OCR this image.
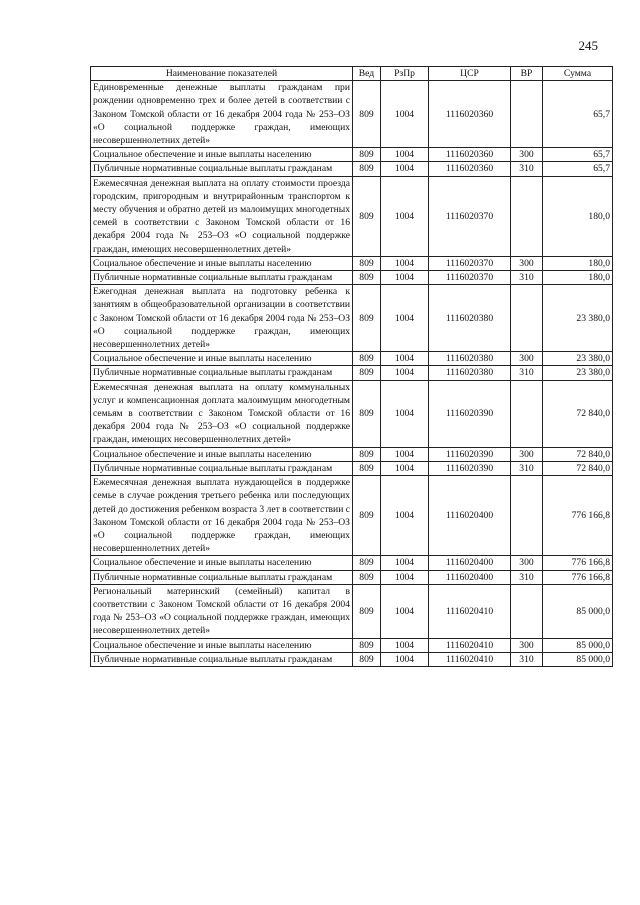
245
Наименование показателей	Вед	РзПр	ЦСР	ВР	Сумма
Единовременные денежные выплаты гражданам при рождении одновременно трех и более детей в соответствии с Законом Томской области от 16 декабря 2004 года № 253–ОЗ «О социальной поддержке граждан, имеющих несовершеннолетних детей»	809	1004	1116020360		65,7
Социальное обеспечение и иные выплаты населению	809	1004	1116020360	300	65,7
Публичные нормативные социальные выплаты гражданам	809	1004	1116020360	310	65,7
Ежемесячная денежная выплата на оплату стоимости проезда городским, пригородным и внутрирайонным транспортом к месту обучения и обратно детей из малоимущих многодетных семей в соответствии с Законом Томской области от 16 декабря 2004 года № 253–ОЗ «О социальной поддержке граждан, имеющих несовершеннолетних детей»	809	1004	1116020370		180,0
Социальное обеспечение и иные выплаты населению	809	1004	1116020370	300	180,0
Публичные нормативные социальные выплаты гражданам	809	1004	1116020370	310	180,0
Ежегодная денежная выплата на подготовку ребенка к занятиям в общеобразовательной организации в соответствии с Законом Томской области от 16 декабря 2004 года № 253–ОЗ «О социальной поддержке граждан, имеющих несовершеннолетних детей»	809	1004	1116020380		23 380,0
Социальное обеспечение и иные выплаты населению	809	1004	1116020380	300	23 380,0
Публичные нормативные социальные выплаты гражданам	809	1004	1116020380	310	23 380,0
Ежемесячная денежная выплата на оплату коммунальных услуг и компенсационная доплата малоимущим многодетным семьям в соответствии с Законом Томской области от 16 декабря 2004 года № 253–ОЗ «О социальной поддержке граждан, имеющих несовершеннолетних детей»	809	1004	1116020390		72 840,0
Социальное обеспечение и иные выплаты населению	809	1004	1116020390	300	72 840,0
Публичные нормативные социальные выплаты гражданам	809	1004	1116020390	310	72 840,0
Ежемесячная денежная выплата нуждающейся в поддержке семье в случае рождения третьего ребенка или последующих детей до достижения ребенком возраста 3 лет в соответствии с Законом Томской области от 16 декабря 2004 года № 253–ОЗ «О социальной поддержке граждан, имеющих несовершеннолетних детей»	809	1004	1116020400		776 166,8
Социальное обеспечение и иные выплаты населению	809	1004	1116020400	300	776 166,8
Публичные нормативные социальные выплаты гражданам	809	1004	1116020400	310	776 166,8
Региональный материнский (семейный) капитал в соответствии с Законом Томской области от 16 декабря 2004 года № 253–ОЗ «О социальной поддержке граждан, имеющих несовершеннолетних детей»	809	1004	1116020410		85 000,0
Социальное обеспечение и иные выплаты населению	809	1004	1116020410	300	85 000,0
Публичные нормативные социальные выплаты гражданам	809	1004	1116020410	310	85 000,0
